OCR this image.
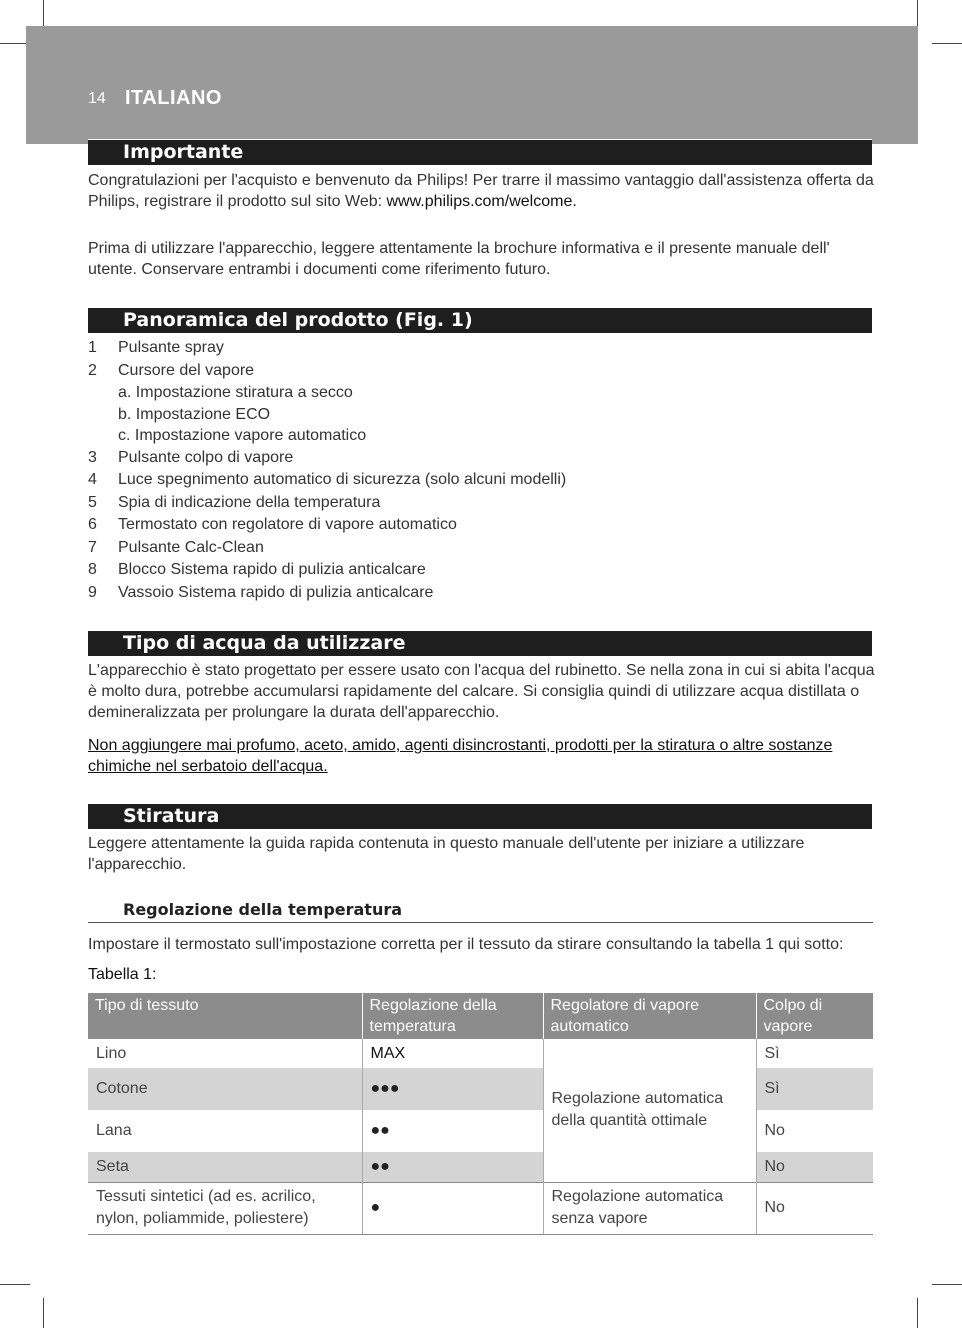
14 ITALIANO
Importante
Congratulazioni per l'acquisto e benvenuto da Philips! Per trarre il massimo vantaggio dall'assistenza offerta da Philips, registrare il prodotto sul sito Web: www.philips.com/welcome.
Prima di utilizzare l'apparecchio, leggere attentamente la brochure informativa e il presente manuale dell' utente. Conservare entrambi i documenti come riferimento futuro.
Panoramica del prodotto (Fig. 1)
1	Pulsante spray
2	Cursore del vapore
a. Impostazione stiratura a secco
b. Impostazione ECO
c. Impostazione vapore automatico
3	Pulsante colpo di vapore
4	Luce spegnimento automatico di sicurezza (solo alcuni modelli)
5	Spia di indicazione della temperatura
6	Termostato con regolatore di vapore automatico
7	Pulsante Calc-Clean
8	Blocco Sistema rapido di pulizia anticalcare
9	Vassoio Sistema rapido di pulizia anticalcare
Tipo di acqua da utilizzare
L'apparecchio è stato progettato per essere usato con l'acqua del rubinetto. Se nella zona in cui si abita l'acqua è molto dura, potrebbe accumularsi rapidamente del calcare. Si consiglia quindi di utilizzare acqua distillata o demineralizzata per prolungare la durata dell'apparecchio.
Non aggiungere mai profumo, aceto, amido, agenti disincrostanti, prodotti per la stiratura o altre sostanze chimiche nel serbatoio dell'acqua.
Stiratura
Leggere attentamente la guida rapida contenuta in questo manuale dell'utente per iniziare a utilizzare l'apparecchio.
Regolazione della temperatura
Impostare il termostato sull'impostazione corretta per il tessuto da stirare consultando la tabella 1 qui sotto:
Tabella 1:
Tipo di tessuto	Regolazione della temperatura	Regolatore di vapore automatico	Colpo di vapore
Lino	MAX	Regolazione automatica della quantità ottimale	Sì
Cotone	●●●		Sì
Lana	●●		No
Seta	●●		No
Tessuti sintetici (ad es. acrilico, nylon, poliammide, poliestere)	●	Regolazione automatica senza vapore	No
